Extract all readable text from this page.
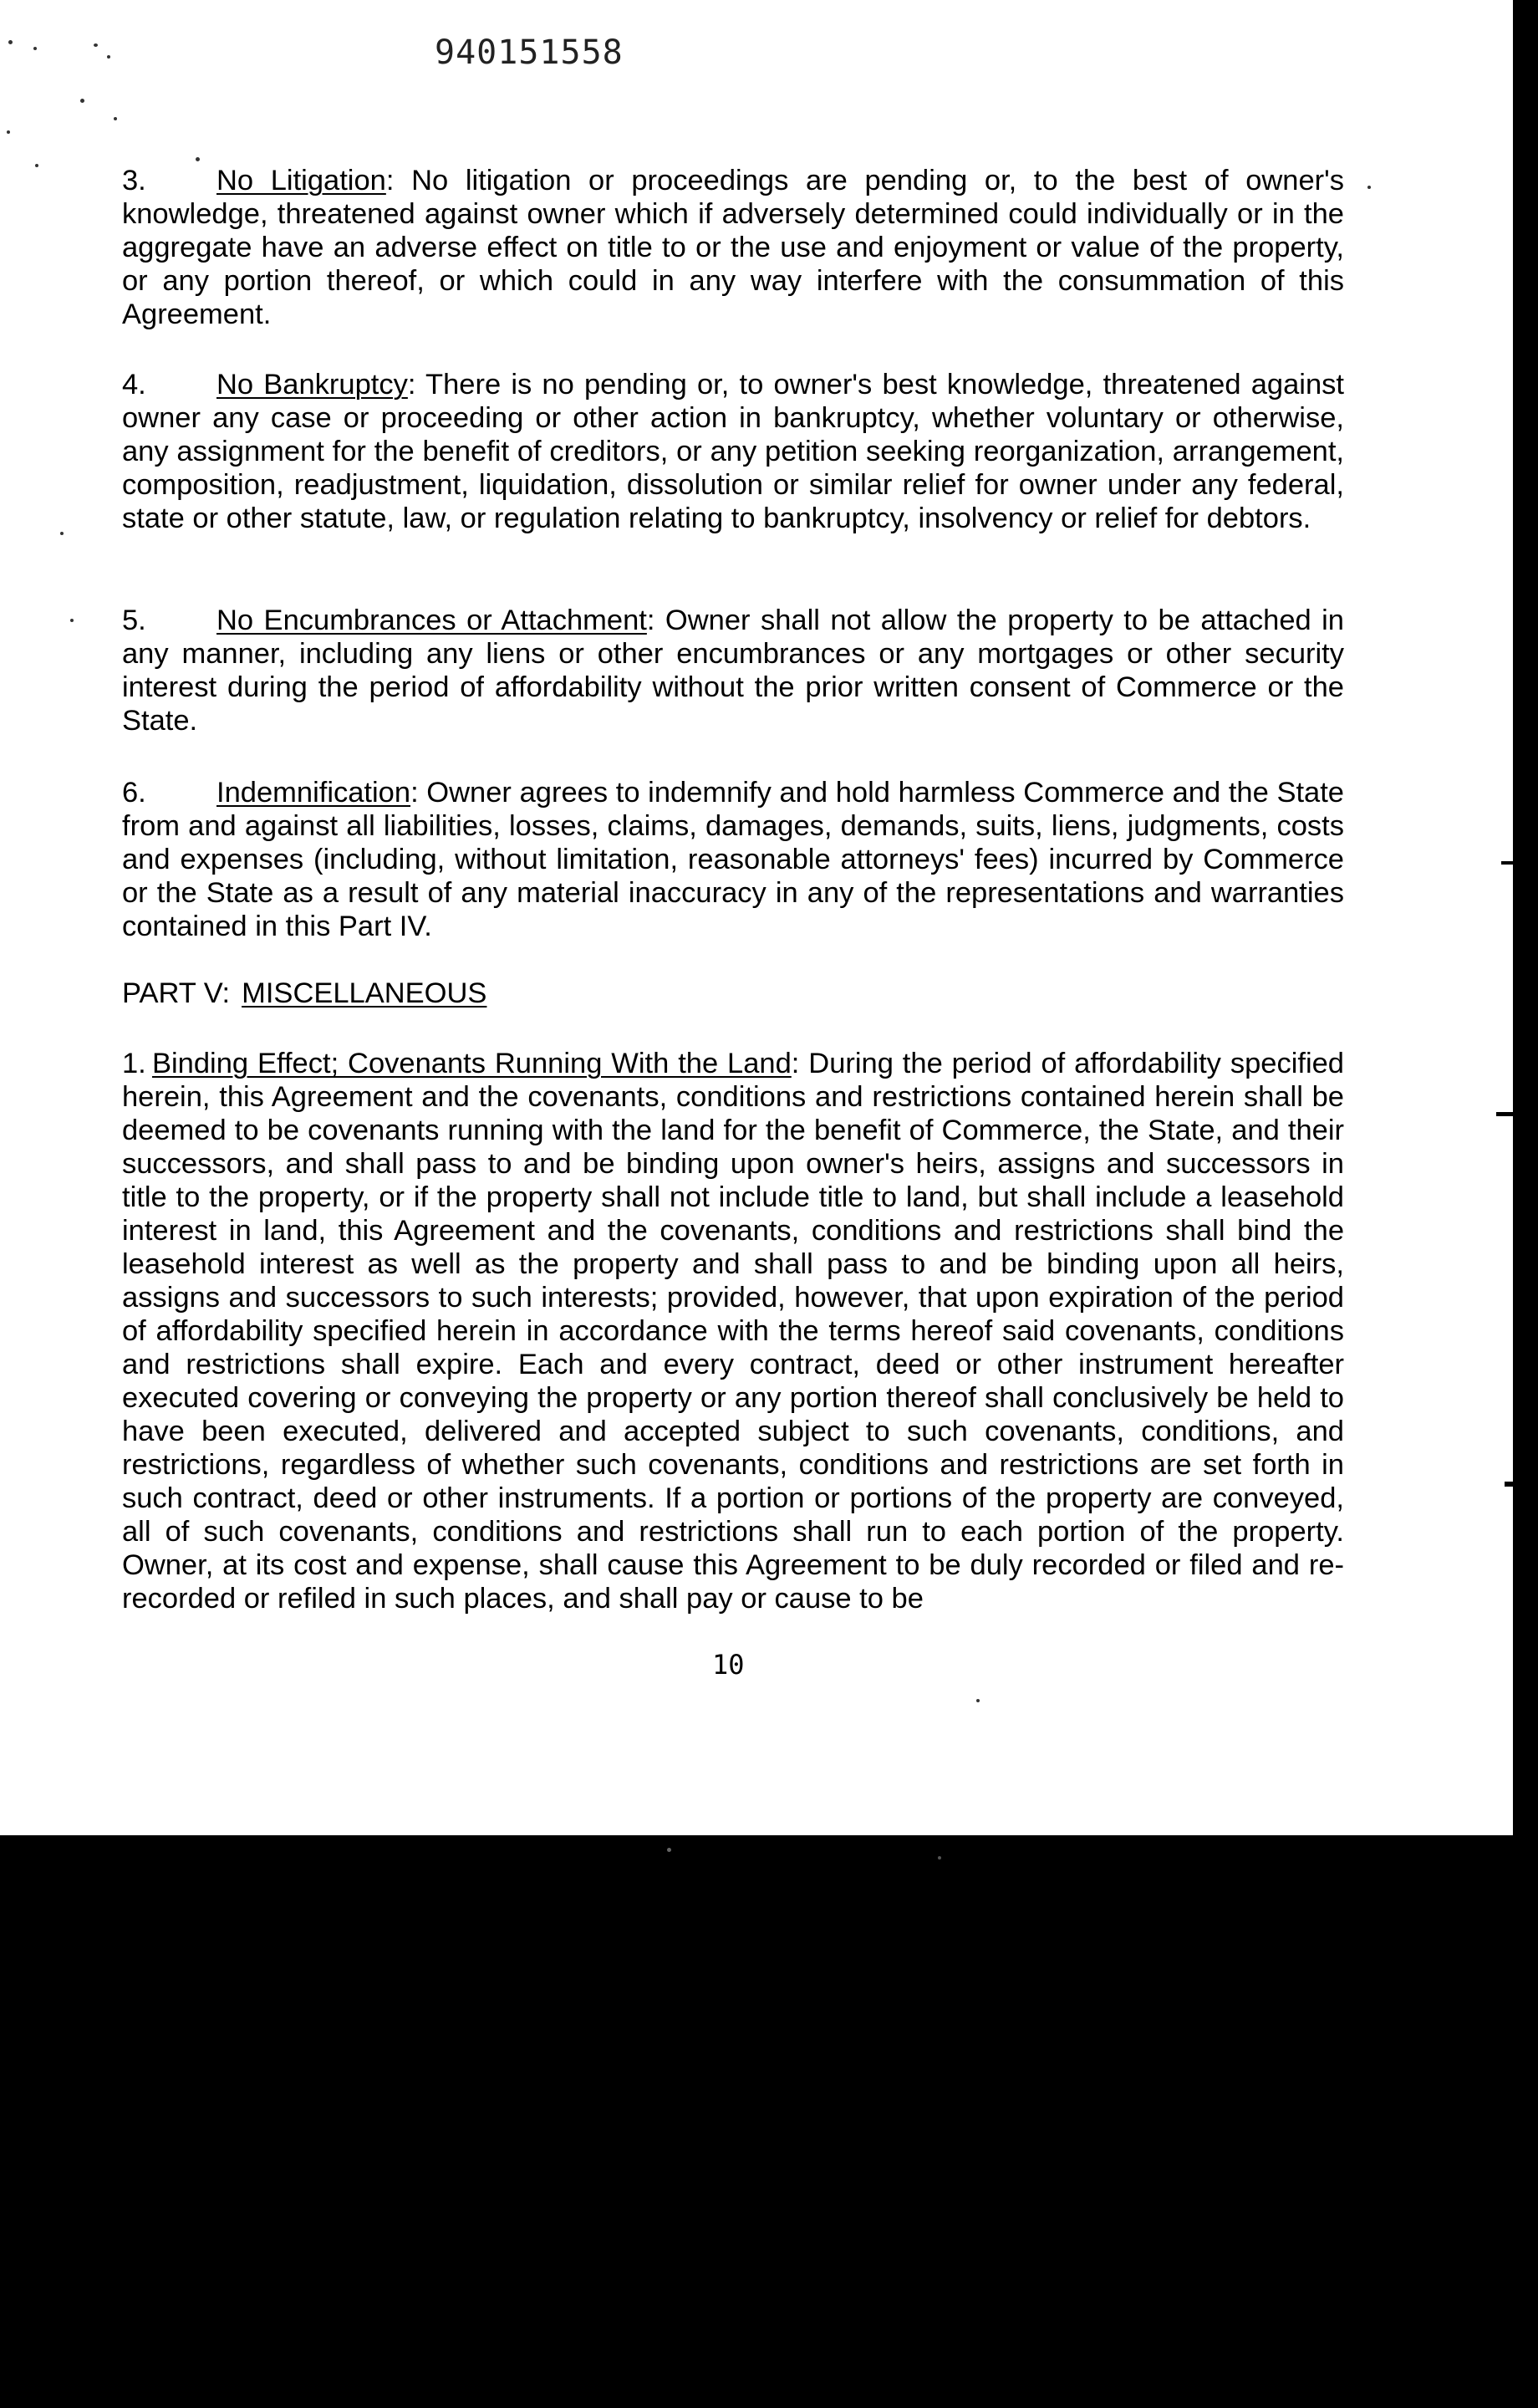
940151558

3. No Litigation: No litigation or proceedings are pending or, to the best of owner's knowledge, threatened against owner which if adversely determined could individually or in the aggregate have an adverse effect on title to or the use and enjoyment or value of the property, or any portion thereof, or which could in any way interfere with the consummation of this Agreement.

4. No Bankruptcy: There is no pending or, to owner's best knowledge, threatened against owner any case or proceeding or other action in bankruptcy, whether voluntary or otherwise, any assignment for the benefit of creditors, or any petition seeking reorganization, arrangement, composition, readjustment, liquidation, dissolution or similar relief for owner under any federal, state or other statute, law, or regulation relating to bankruptcy, insolvency or relief for debtors.

5. No Encumbrances or Attachment: Owner shall not allow the property to be attached in any manner, including any liens or other encumbrances or any mortgages or other security interest during the period of affordability without the prior written consent of Commerce or the State.

6. Indemnification: Owner agrees to indemnify and hold harmless Commerce and the State from and against all liabilities, losses, claims, damages, demands, suits, liens, judgments, costs and expenses (including, without limitation, reasonable attorneys' fees) incurred by Commerce or the State as a result of any material inaccuracy in any of the representations and warranties contained in this Part IV.

PART V: MISCELLANEOUS

1. Binding Effect; Covenants Running With the Land: During the period of affordability specified herein, this Agreement and the covenants, conditions and restrictions contained herein shall be deemed to be covenants running with the land for the benefit of Commerce, the State, and their successors, and shall pass to and be binding upon owner's heirs, assigns and successors in title to the property, or if the property shall not include title to land, but shall include a leasehold interest in land, this Agreement and the covenants, conditions and restrictions shall bind the leasehold interest as well as the property and shall pass to and be binding upon all heirs, assigns and successors to such interests; provided, however, that upon expiration of the period of affordability specified herein in accordance with the terms hereof said covenants, conditions and restrictions shall expire. Each and every contract, deed or other instrument hereafter executed covering or conveying the property or any portion thereof shall conclusively be held to have been executed, delivered and accepted subject to such covenants, conditions, and restrictions, regardless of whether such covenants, conditions and restrictions are set forth in such contract, deed or other instruments. If a portion or portions of the property are conveyed, all of such covenants, conditions and restrictions shall run to each portion of the property. Owner, at its cost and expense, shall cause this Agreement to be duly recorded or filed and re-recorded or refiled in such places, and shall pay or cause to be

10
